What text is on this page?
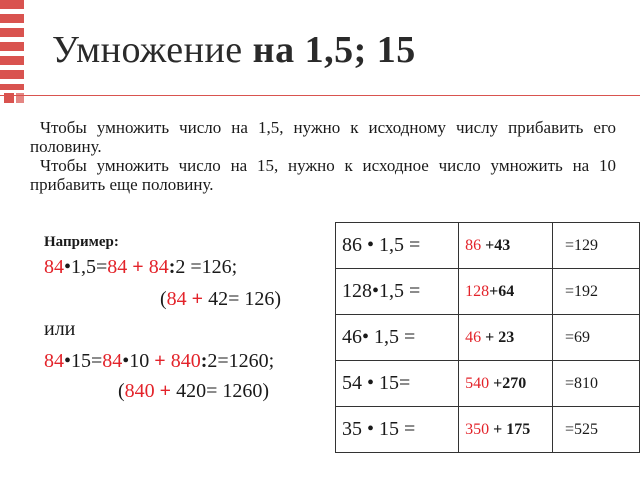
Умножение на 1,5; 15
Чтобы умножить число на 1,5, нужно к исходному числу прибавить его половину.
Чтобы умножить число на 15, нужно к исходное число умножить на 10 прибавить еще половину.
Например:
84•1,5=84 + 84:2 =126;
(84 + 42= 126)
или
84•15=84•10 + 840:2=1260;
(840 + 420= 1260)
86 • 1,5 =	86 +43	=129
128•1,5 =	128+64	=192
46• 1,5 =	46 + 23	=69
54 • 15=	540 +270	=810
35 • 15 =	350 + 175	=525
